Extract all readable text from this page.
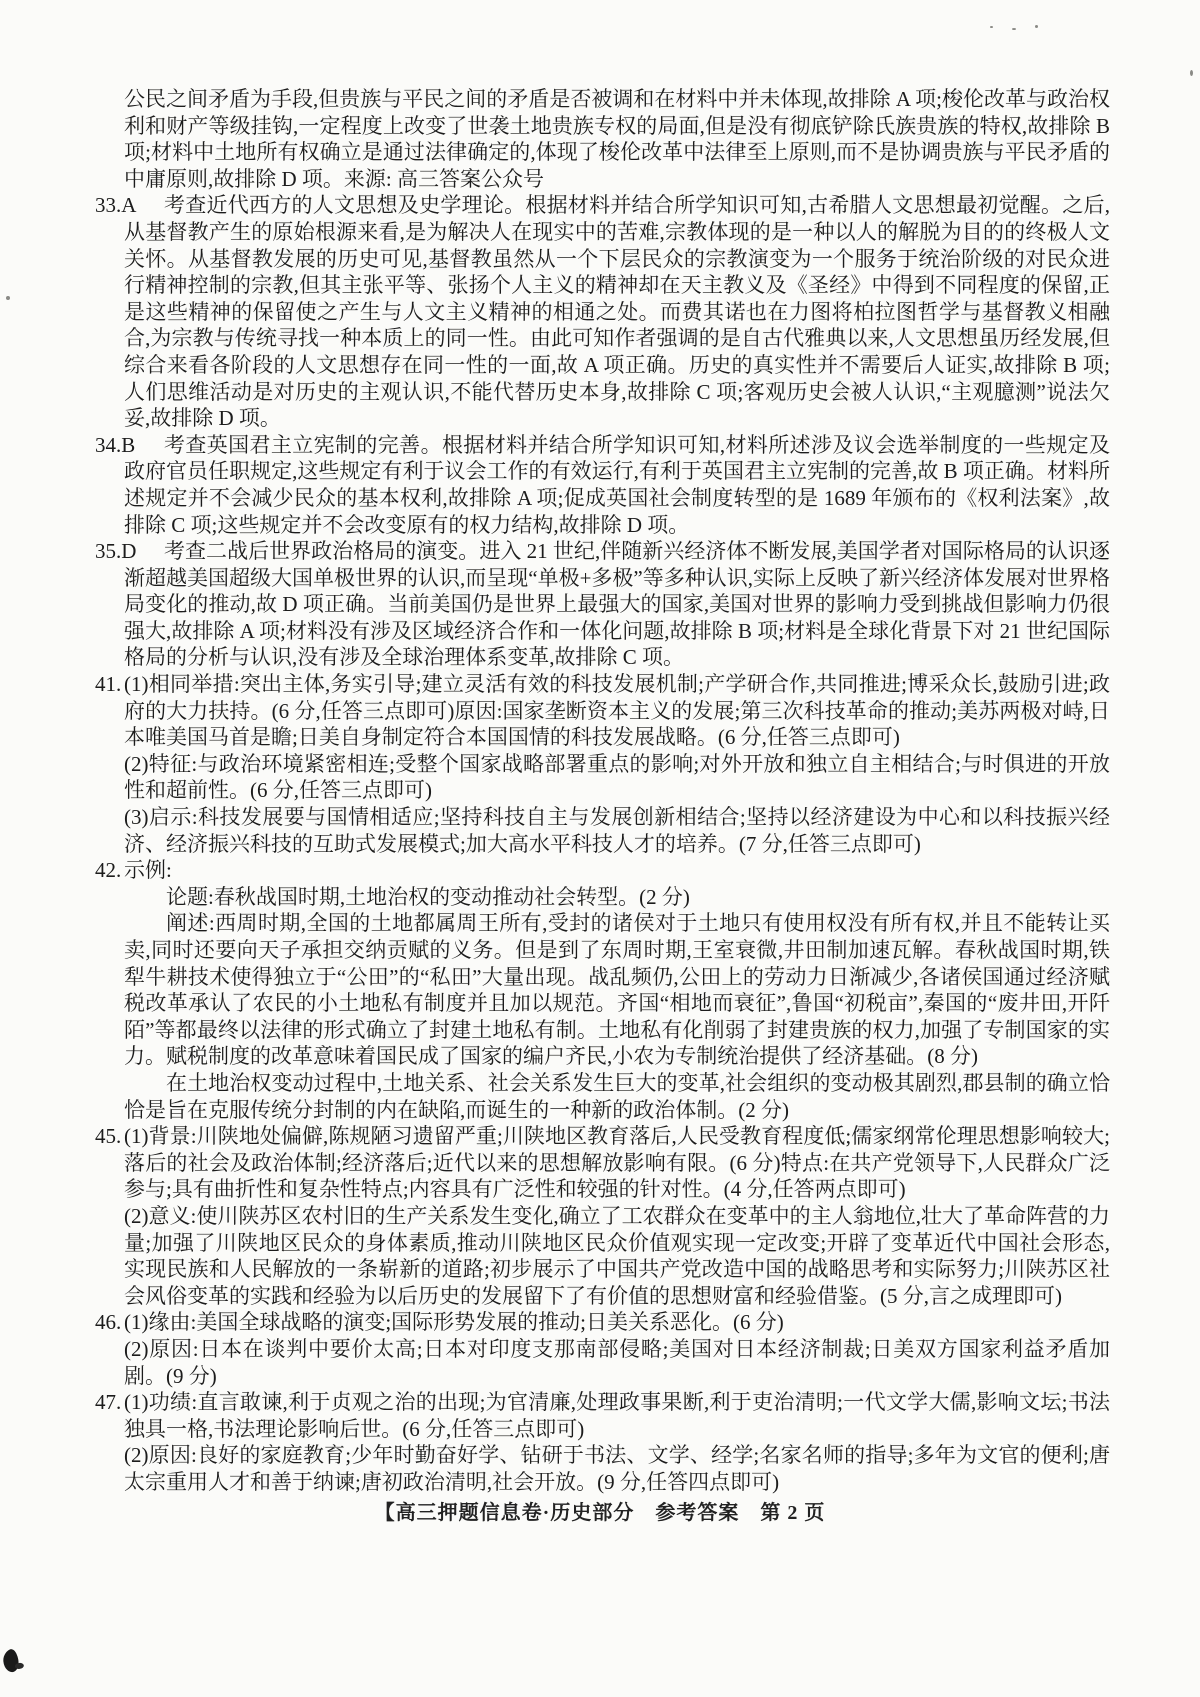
公民之间矛盾为手段,但贵族与平民之间的矛盾是否被调和在材料中并未体现,故排除 A 项;梭伦改革与政治权利和财产等级挂钩,一定程度上改变了世袭土地贵族专权的局面,但是没有彻底铲除氏族贵族的特权,故排除 B 项;材料中土地所有权确立是通过法律确定的,体现了梭伦改革中法律至上原则,而不是协调贵族与平民矛盾的中庸原则,故排除 D 项。来源: 高三答案公众号

33.A	考查近代西方的人文思想及史学理论。根据材料并结合所学知识可知,古希腊人文思想最初觉醒。之后,从基督教产生的原始根源来看,是为解决人在现实中的苦难,宗教体现的是一种以人的解脱为目的的终极人文关怀。从基督教发展的历史可见,基督教虽然从一个下层民众的宗教演变为一个服务于统治阶级的对民众进行精神控制的宗教,但其主张平等、张扬个人主义的精神却在天主教义及《圣经》中得到不同程度的保留,正是这些精神的保留使之产生与人文主义精神的相通之处。而费其诺也在力图将柏拉图哲学与基督教义相融合,为宗教与传统寻找一种本质上的同一性。由此可知作者强调的是自古代雅典以来,人文思想虽历经发展,但综合来看各阶段的人文思想存在同一性的一面,故 A 项正确。历史的真实性并不需要后人证实,故排除 B 项;人们思维活动是对历史的主观认识,不能代替历史本身,故排除 C 项;客观历史会被人认识,“主观臆测”说法欠妥,故排除 D 项。

34.B	考查英国君主立宪制的完善。根据材料并结合所学知识可知,材料所述涉及议会选举制度的一些规定及政府官员任职规定,这些规定有利于议会工作的有效运行,有利于英国君主立宪制的完善,故 B 项正确。材料所述规定并不会减少民众的基本权利,故排除 A 项;促成英国社会制度转型的是 1689 年颁布的《权利法案》,故排除 C 项;这些规定并不会改变原有的权力结构,故排除 D 项。

35.D	考查二战后世界政治格局的演变。进入 21 世纪,伴随新兴经济体不断发展,美国学者对国际格局的认识逐渐超越美国超级大国单极世界的认识,而呈现“单极+多极”等多种认识,实际上反映了新兴经济体发展对世界格局变化的推动,故 D 项正确。当前美国仍是世界上最强大的国家,美国对世界的影响力受到挑战但影响力仍很强大,故排除 A 项;材料没有涉及区域经济合作和一体化问题,故排除 B 项;材料是全球化背景下对 21 世纪国际格局的分析与认识,没有涉及全球治理体系变革,故排除 C 项。

41. (1)相同举措:突出主体,务实引导;建立灵活有效的科技发展机制;产学研合作,共同推进;博采众长,鼓励引进;政府的大力扶持。(6 分,任答三点即可)原因:国家垄断资本主义的发展;第三次科技革命的推动;美苏两极对峙,日本唯美国马首是瞻;日美自身制定符合本国国情的科技发展战略。(6 分,任答三点即可)

(2)特征:与政治环境紧密相连;受整个国家战略部署重点的影响;对外开放和独立自主相结合;与时俱进的开放性和超前性。(6 分,任答三点即可)

(3)启示:科技发展要与国情相适应;坚持科技自主与发展创新相结合;坚持以经济建设为中心和以科技振兴经济、经济振兴科技的互助式发展模式;加大高水平科技人才的培养。(7 分,任答三点即可)

42. 示例:

论题:春秋战国时期,土地治权的变动推动社会转型。(2 分)

阐述:西周时期,全国的土地都属周王所有,受封的诸侯对于土地只有使用权没有所有权,并且不能转让买卖,同时还要向天子承担交纳贡赋的义务。但是到了东周时期,王室衰微,井田制加速瓦解。春秋战国时期,铁犁牛耕技术使得独立于“公田”的“私田”大量出现。战乱频仍,公田上的劳动力日渐减少,各诸侯国通过经济赋税改革承认了农民的小土地私有制度并且加以规范。齐国“相地而衰征”,鲁国“初税亩”,秦国的“废井田,开阡陌”等都最终以法律的形式确立了封建土地私有制。土地私有化削弱了封建贵族的权力,加强了专制国家的实力。赋税制度的改革意味着国民成了国家的编户齐民,小农为专制统治提供了经济基础。(8 分)

在土地治权变动过程中,土地关系、社会关系发生巨大的变革,社会组织的变动极其剧烈,郡县制的确立恰恰是旨在克服传统分封制的内在缺陷,而诞生的一种新的政治体制。(2 分)

45. (1)背景:川陕地处偏僻,陈规陋习遗留严重;川陕地区教育落后,人民受教育程度低;儒家纲常伦理思想影响较大;落后的社会及政治体制;经济落后;近代以来的思想解放影响有限。(6 分)特点:在共产党领导下,人民群众广泛参与;具有曲折性和复杂性特点;内容具有广泛性和较强的针对性。(4 分,任答两点即可)

(2)意义:使川陕苏区农村旧的生产关系发生变化,确立了工农群众在变革中的主人翁地位,壮大了革命阵营的力量;加强了川陕地区民众的身体素质,推动川陕地区民众价值观实现一定改变;开辟了变革近代中国社会形态,实现民族和人民解放的一条崭新的道路;初步展示了中国共产党改造中国的战略思考和实际努力;川陕苏区社会风俗变革的实践和经验为以后历史的发展留下了有价值的思想财富和经验借鉴。(5 分,言之成理即可)

46. (1)缘由:美国全球战略的演变;国际形势发展的推动;日美关系恶化。(6 分)

(2)原因:日本在谈判中要价太高;日本对印度支那南部侵略;美国对日本经济制裁;日美双方国家利益矛盾加剧。(9 分)

47. (1)功绩:直言敢谏,利于贞观之治的出现;为官清廉,处理政事果断,利于吏治清明;一代文学大儒,影响文坛;书法独具一格,书法理论影响后世。(6 分,任答三点即可)

(2)原因:良好的家庭教育;少年时勤奋好学、钻研于书法、文学、经学;名家名师的指导;多年为文官的便利;唐太宗重用人才和善于纳谏;唐初政治清明,社会开放。(9 分,任答四点即可)

【高三押题信息卷·历史部分　参考答案　第 2 页
